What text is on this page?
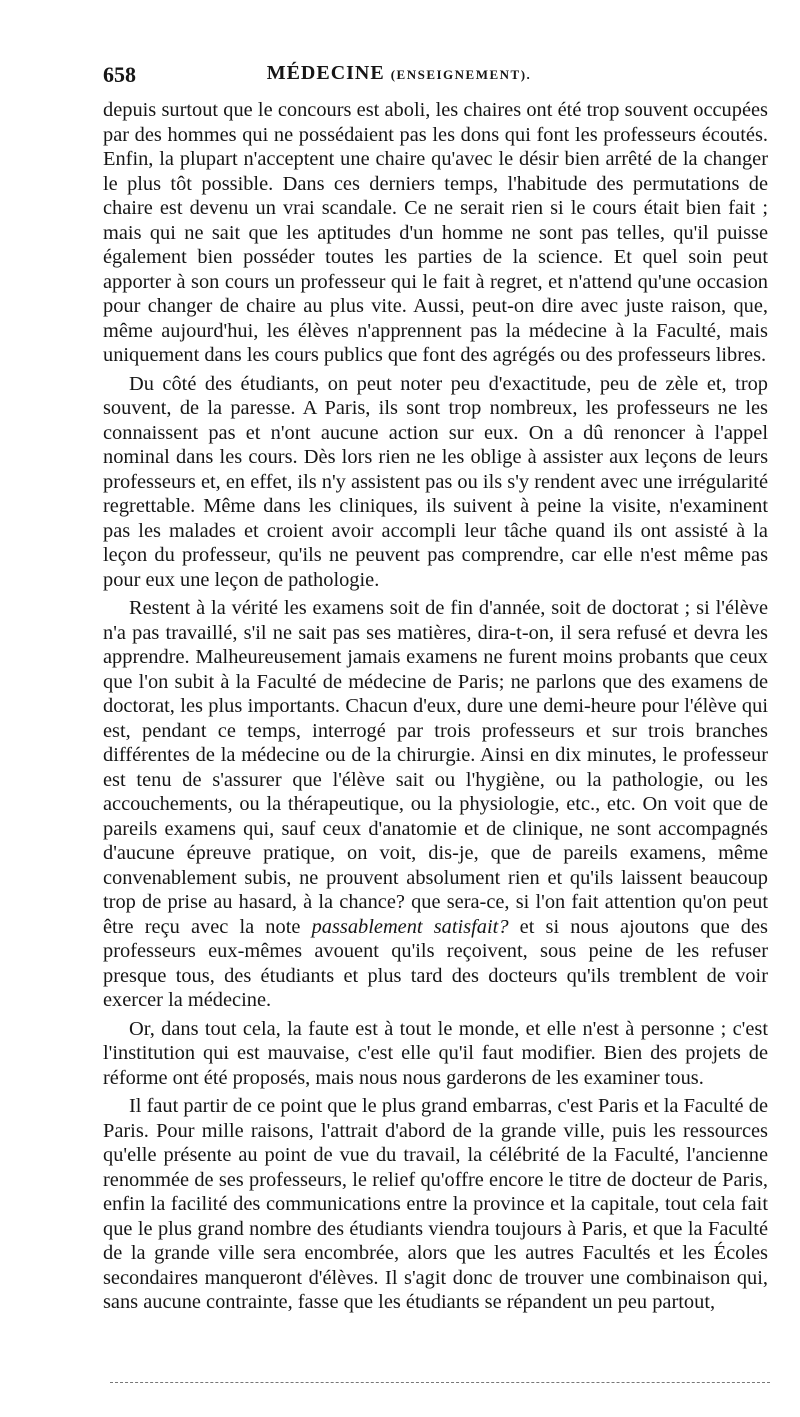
658	MÉDECINE (ENSEIGNEMENT).

depuis surtout que le concours est aboli, les chaires ont été trop souvent occupées par des hommes qui ne possédaient pas les dons qui font les professeurs écoutés. Enfin, la plupart n'acceptent une chaire qu'avec le désir bien arrêté de la changer le plus tôt possible. Dans ces derniers temps, l'habitude des permutations de chaire est devenu un vrai scandale. Ce ne serait rien si le cours était bien fait ; mais qui ne sait que les aptitudes d'un homme ne sont pas telles, qu'il puisse également bien posséder toutes les parties de la science. Et quel soin peut apporter à son cours un professeur qui le fait à regret, et n'attend qu'une occasion pour changer de chaire au plus vite. Aussi, peut-on dire avec juste raison, que, même aujourd'hui, les élèves n'apprennent pas la médecine à la Faculté, mais uniquement dans les cours publics que font des agrégés ou des professeurs libres.

Du côté des étudiants, on peut noter peu d'exactitude, peu de zèle et, trop souvent, de la paresse. A Paris, ils sont trop nombreux, les professeurs ne les connaissent pas et n'ont aucune action sur eux. On a dû renoncer à l'appel nominal dans les cours. Dès lors rien ne les oblige à assister aux leçons de leurs professeurs et, en effet, ils n'y assistent pas ou ils s'y rendent avec une irrégularité regrettable. Même dans les cliniques, ils suivent à peine la visite, n'examinent pas les malades et croient avoir accompli leur tâche quand ils ont assisté à la leçon du professeur, qu'ils ne peuvent pas comprendre, car elle n'est même pas pour eux une leçon de pathologie.

Restent à la vérité les examens soit de fin d'année, soit de doctorat ; si l'élève n'a pas travaillé, s'il ne sait pas ses matières, dira-t-on, il sera refusé et devra les apprendre. Malheureusement jamais examens ne furent moins probants que ceux que l'on subit à la Faculté de médecine de Paris; ne parlons que des examens de doctorat, les plus importants. Chacun d'eux, dure une demi-heure pour l'élève qui est, pendant ce temps, interrogé par trois professeurs et sur trois branches différentes de la médecine ou de la chirurgie. Ainsi en dix minutes, le professeur est tenu de s'assurer que l'élève sait ou l'hygiène, ou la pathologie, ou les accouchements, ou la thérapeutique, ou la physiologie, etc., etc. On voit que de pareils examens qui, sauf ceux d'anatomie et de clinique, ne sont accompagnés d'aucune épreuve pratique, on voit, dis-je, que de pareils examens, même convenablement subis, ne prouvent absolument rien et qu'ils laissent beaucoup trop de prise au hasard, à la chance? que sera-ce, si l'on fait attention qu'on peut être reçu avec la note passablement satisfait? et si nous ajoutons que des professeurs eux-mêmes avouent qu'ils reçoivent, sous peine de les refuser presque tous, des étudiants et plus tard des docteurs qu'ils tremblent de voir exercer la médecine.

Or, dans tout cela, la faute est à tout le monde, et elle n'est à personne ; c'est l'institution qui est mauvaise, c'est elle qu'il faut modifier. Bien des projets de réforme ont été proposés, mais nous nous garderons de les examiner tous.

Il faut partir de ce point que le plus grand embarras, c'est Paris et la Faculté de Paris. Pour mille raisons, l'attrait d'abord de la grande ville, puis les ressources qu'elle présente au point de vue du travail, la célébrité de la Faculté, l'ancienne renommée de ses professeurs, le relief qu'offre encore le titre de docteur de Paris, enfin la facilité des communications entre la province et la capitale, tout cela fait que le plus grand nombre des étudiants viendra toujours à Paris, et que la Faculté de la grande ville sera encombrée, alors que les autres Facultés et les Écoles secondaires manqueront d'élèves. Il s'agit donc de trouver une combinaison qui, sans aucune contrainte, fasse que les étudiants se répandent un peu partout,
